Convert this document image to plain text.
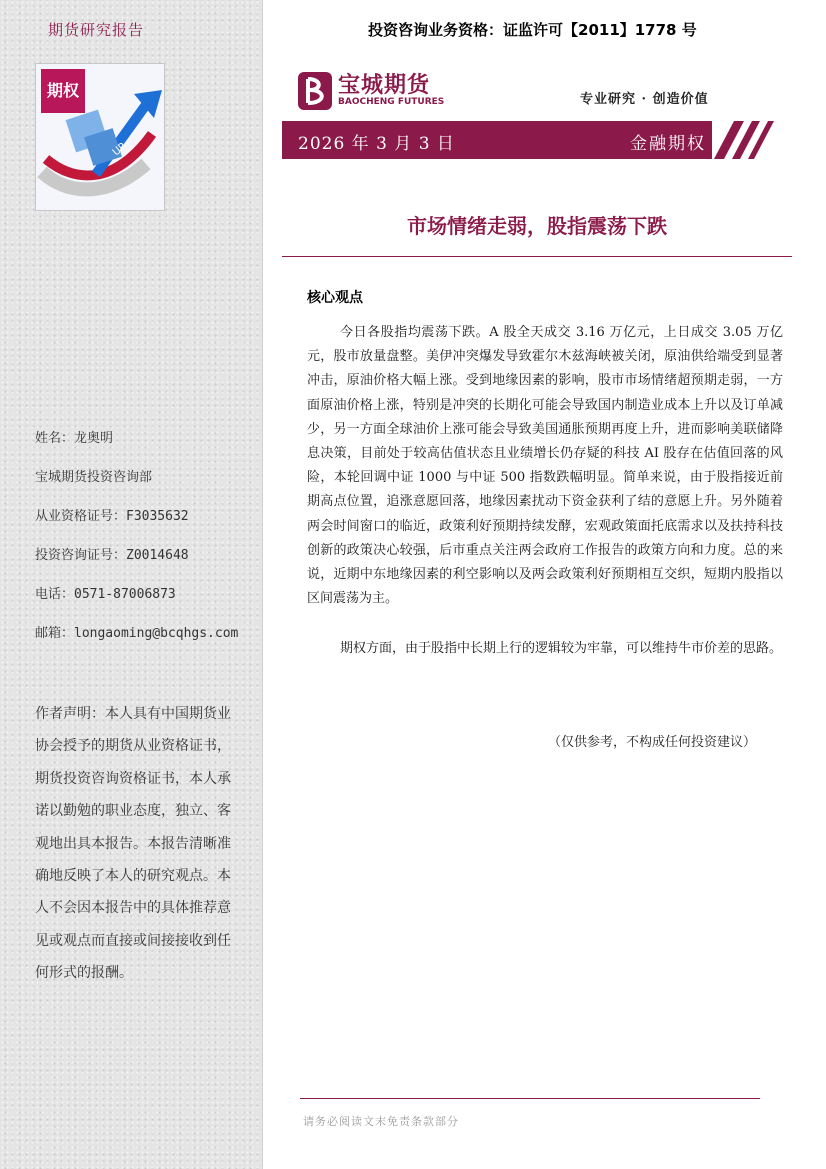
期货研究报告
UP
期权
姓名：龙奥明
宝城期货投资咨询部
从业资格证号：F3035632
投资咨询证号：Z0014648
电话：0571-87006873
邮箱：longaoming@bcqhgs.com
作者声明：本人具有中国期货业协会授予的期货从业资格证书，期货投资咨询资格证书，本人承诺以勤勉的职业态度，独立、客观地出具本报告。本报告清晰准确地反映了本人的研究观点。本人不会因本报告中的具体推荐意见或观点而直接或间接接收到任何形式的报酬。
投资咨询业务资格：证监许可【2011】1778 号
宝城期货
BAOCHENG FUTURES	专业研究 · 创造价值
2026 年 3 月 3 日	金融期权
市场情绪走弱，股指震荡下跌
核心观点

今日各股指均震荡下跌。A 股全天成交 3.16 万亿元，上日成交 3.05 万亿元，股市放量盘整。美伊冲突爆发导致霍尔木兹海峡被关闭，原油供给端受到显著冲击，原油价格大幅上涨。受到地缘因素的影响，股市市场情绪超预期走弱，一方面原油价格上涨，特别是冲突的长期化可能会导致国内制造业成本上升以及订单减少，另一方面全球油价上涨可能会导致美国通胀预期再度上升，进而影响美联储降息决策，目前处于较高估值状态且业绩增长仍存疑的科技 AI 股存在估值回落的风险，本轮回调中证 1000 与中证 500 指数跌幅明显。简单来说，由于股指接近前期高点位置，追涨意愿回落，地缘因素扰动下资金获利了结的意愿上升。另外随着两会时间窗口的临近，政策利好预期持续发酵，宏观政策面托底需求以及扶持科技创新的政策决心较强，后市重点关注两会政府工作报告的政策方向和力度。总的来说，近期中东地缘因素的利空影响以及两会政策利好预期相互交织，短期内股指以区间震荡为主。

期权方面，由于股指中长期上行的逻辑较为牢靠，可以维持牛市价差的思路。

（仅供参考，不构成任何投资建议）
请务必阅读文末免责条款部分
